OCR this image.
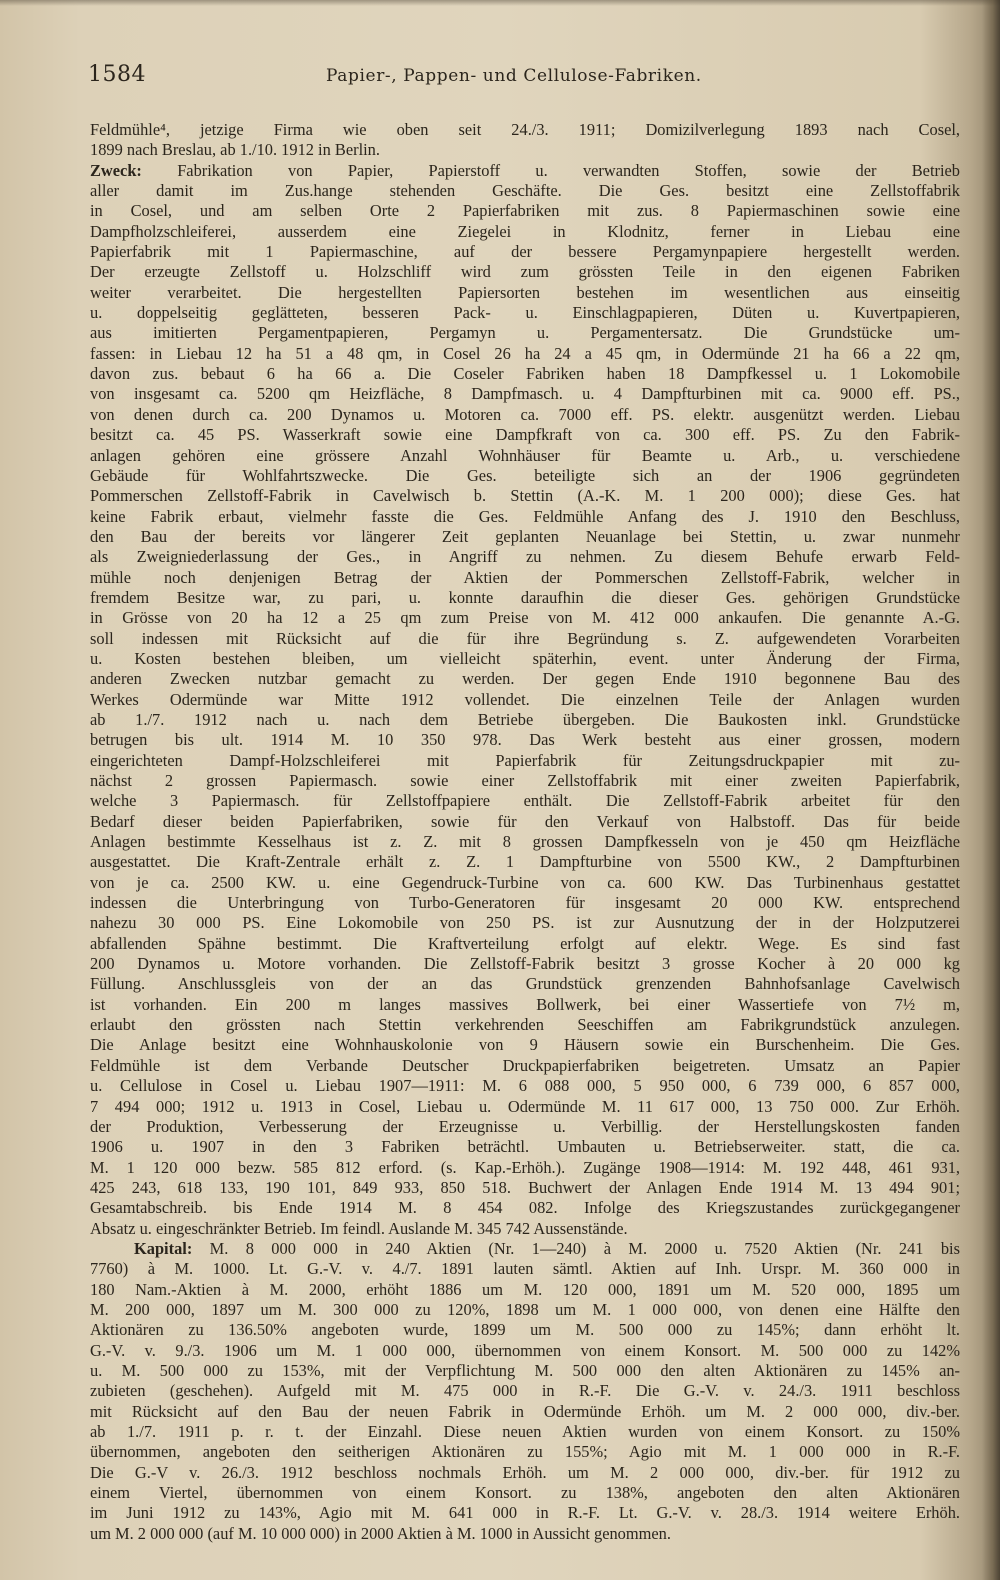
1584	Papier-, Pappen- und Cellulose-Fabriken.
Feldmühle⁴, jetzige Firma wie oben seit 24./3. 1911; Domizilverlegung 1893 nach Cosel,
1899 nach Breslau, ab 1./10. 1912 in Berlin.
Zweck: Fabrikation von Papier, Papierstoff u. verwandten Stoffen, sowie der Betrieb
aller damit im Zus.hange stehenden Geschäfte. Die Ges. besitzt eine Zellstoffabrik
in Cosel, und am selben Orte 2 Papierfabriken mit zus. 8 Papiermaschinen sowie eine
Dampfholzschleiferei, ausserdem eine Ziegelei in Klodnitz, ferner in Liebau eine
Papierfabrik mit 1 Papiermaschine, auf der bessere Pergamynpapiere hergestellt werden.
Der erzeugte Zellstoff u. Holzschliff wird zum grössten Teile in den eigenen Fabriken
weiter verarbeitet. Die hergestellten Papiersorten bestehen im wesentlichen aus einseitig
u. doppelseitig geglätteten, besseren Pack- u. Einschlagpapieren, Düten u. Kuvertpapieren,
aus imitierten Pergamentpapieren, Pergamyn u. Pergamentersatz. Die Grundstücke um-
fassen: in Liebau 12 ha 51 a 48 qm, in Cosel 26 ha 24 a 45 qm, in Odermünde 21 ha 66 a 22 qm,
davon zus. bebaut 6 ha 66 a. Die Coseler Fabriken haben 18 Dampfkessel u. 1 Lokomobile
von insgesamt ca. 5200 qm Heizfläche, 8 Dampfmasch. u. 4 Dampfturbinen mit ca. 9000 eff. PS.,
von denen durch ca. 200 Dynamos u. Motoren ca. 7000 eff. PS. elektr. ausgenützt werden. Liebau
besitzt ca. 45 PS. Wasserkraft sowie eine Dampfkraft von ca. 300 eff. PS. Zu den Fabrik-
anlagen gehören eine grössere Anzahl Wohnhäuser für Beamte u. Arb., u. verschiedene
Gebäude für Wohlfahrtszwecke. Die Ges. beteiligte sich an der 1906 gegründeten
Pommerschen Zellstoff-Fabrik in Cavelwisch b. Stettin (A.-K. M. 1 200 000); diese Ges. hat
keine Fabrik erbaut, vielmehr fasste die Ges. Feldmühle Anfang des J. 1910 den Beschluss,
den Bau der bereits vor längerer Zeit geplanten Neuanlage bei Stettin, u. zwar nunmehr
als Zweigniederlassung der Ges., in Angriff zu nehmen. Zu diesem Behufe erwarb Feld-
mühle noch denjenigen Betrag der Aktien der Pommerschen Zellstoff-Fabrik, welcher in
fremdem Besitze war, zu pari, u. konnte daraufhin die dieser Ges. gehörigen Grundstücke
in Grösse von 20 ha 12 a 25 qm zum Preise von M. 412 000 ankaufen. Die genannte A.-G.
soll indessen mit Rücksicht auf die für ihre Begründung s. Z. aufgewendeten Vorarbeiten
u. Kosten bestehen bleiben, um vielleicht späterhin, event. unter Änderung der Firma,
anderen Zwecken nutzbar gemacht zu werden. Der gegen Ende 1910 begonnene Bau des
Werkes Odermünde war Mitte 1912 vollendet. Die einzelnen Teile der Anlagen wurden
ab 1./7. 1912 nach u. nach dem Betriebe übergeben. Die Baukosten inkl. Grundstücke
betrugen bis ult. 1914 M. 10 350 978. Das Werk besteht aus einer grossen, modern
eingerichteten Dampf-Holzschleiferei mit Papierfabrik für Zeitungsdruckpapier mit zu-
nächst 2 grossen Papiermasch. sowie einer Zellstoffabrik mit einer zweiten Papierfabrik,
welche 3 Papiermasch. für Zellstoffpapiere enthält. Die Zellstoff-Fabrik arbeitet für den
Bedarf dieser beiden Papierfabriken, sowie für den Verkauf von Halbstoff. Das für beide
Anlagen bestimmte Kesselhaus ist z. Z. mit 8 grossen Dampfkesseln von je 450 qm Heizfläche
ausgestattet. Die Kraft-Zentrale erhält z. Z. 1 Dampfturbine von 5500 KW., 2 Dampfturbinen
von je ca. 2500 KW. u. eine Gegendruck-Turbine von ca. 600 KW. Das Turbinenhaus gestattet
indessen die Unterbringung von Turbo-Generatoren für insgesamt 20 000 KW. entsprechend
nahezu 30 000 PS. Eine Lokomobile von 250 PS. ist zur Ausnutzung der in der Holzputzerei
abfallenden Spähne bestimmt. Die Kraftverteilung erfolgt auf elektr. Wege. Es sind fast
200 Dynamos u. Motore vorhanden. Die Zellstoff-Fabrik besitzt 3 grosse Kocher à 20 000 kg
Füllung. Anschlussgleis von der an das Grundstück grenzenden Bahnhofsanlage Cavelwisch
ist vorhanden. Ein 200 m langes massives Bollwerk, bei einer Wassertiefe von 7½ m,
erlaubt den grössten nach Stettin verkehrenden Seeschiffen am Fabrikgrundstück anzulegen.
Die Anlage besitzt eine Wohnhauskolonie von 9 Häusern sowie ein Burschenheim. Die Ges.
Feldmühle ist dem Verbande Deutscher Druckpapierfabriken beigetreten. Umsatz an Papier
u. Cellulose in Cosel u. Liebau 1907—1911: M. 6 088 000, 5 950 000, 6 739 000, 6 857 000,
7 494 000; 1912 u. 1913 in Cosel, Liebau u. Odermünde M. 11 617 000, 13 750 000. Zur Erhöh.
der Produktion, Verbesserung der Erzeugnisse u. Verbillig. der Herstellungskosten fanden
1906 u. 1907 in den 3 Fabriken beträchtl. Umbauten u. Betriebserweiter. statt, die ca.
M. 1 120 000 bezw. 585 812 erford. (s. Kap.-Erhöh.). Zugänge 1908—1914: M. 192 448, 461 931,
425 243, 618 133, 190 101, 849 933, 850 518. Buchwert der Anlagen Ende 1914 M. 13 494 901;
Gesamtabschreib. bis Ende 1914 M. 8 454 082. Infolge des Kriegszustandes zurückgegangener
Absatz u. eingeschränkter Betrieb. Im feindl. Auslande M. 345 742 Aussenstände.
Kapital: M. 8 000 000 in 240 Aktien (Nr. 1—240) à M. 2000 u. 7520 Aktien (Nr. 241 bis
7760) à M. 1000. Lt. G.-V. v. 4./7. 1891 lauten sämtl. Aktien auf Inh. Urspr. M. 360 000 in
180 Nam.-Aktien à M. 2000, erhöht 1886 um M. 120 000, 1891 um M. 520 000, 1895 um
M. 200 000, 1897 um M. 300 000 zu 120%, 1898 um M. 1 000 000, von denen eine Hälfte den
Aktionären zu 136.50% angeboten wurde, 1899 um M. 500 000 zu 145%; dann erhöht lt.
G.-V. v. 9./3. 1906 um M. 1 000 000, übernommen von einem Konsort. M. 500 000 zu 142%
u. M. 500 000 zu 153%, mit der Verpflichtung M. 500 000 den alten Aktionären zu 145% an-
zubieten (geschehen). Aufgeld mit M. 475 000 in R.-F. Die G.-V. v. 24./3. 1911 beschloss
mit Rücksicht auf den Bau der neuen Fabrik in Odermünde Erhöh. um M. 2 000 000, div.-ber.
ab 1./7. 1911 p. r. t. der Einzahl. Diese neuen Aktien wurden von einem Konsort. zu 150%
übernommen, angeboten den seitherigen Aktionären zu 155%; Agio mit M. 1 000 000 in R.-F.
Die G.-V v. 26./3. 1912 beschloss nochmals Erhöh. um M. 2 000 000, div.-ber. für 1912 zu
einem Viertel, übernommen von einem Konsort. zu 138%, angeboten den alten Aktionären
im Juni 1912 zu 143%, Agio mit M. 641 000 in R.-F. Lt. G.-V. v. 28./3. 1914 weitere Erhöh.
um M. 2 000 000 (auf M. 10 000 000) in 2000 Aktien à M. 1000 in Aussicht genommen.
